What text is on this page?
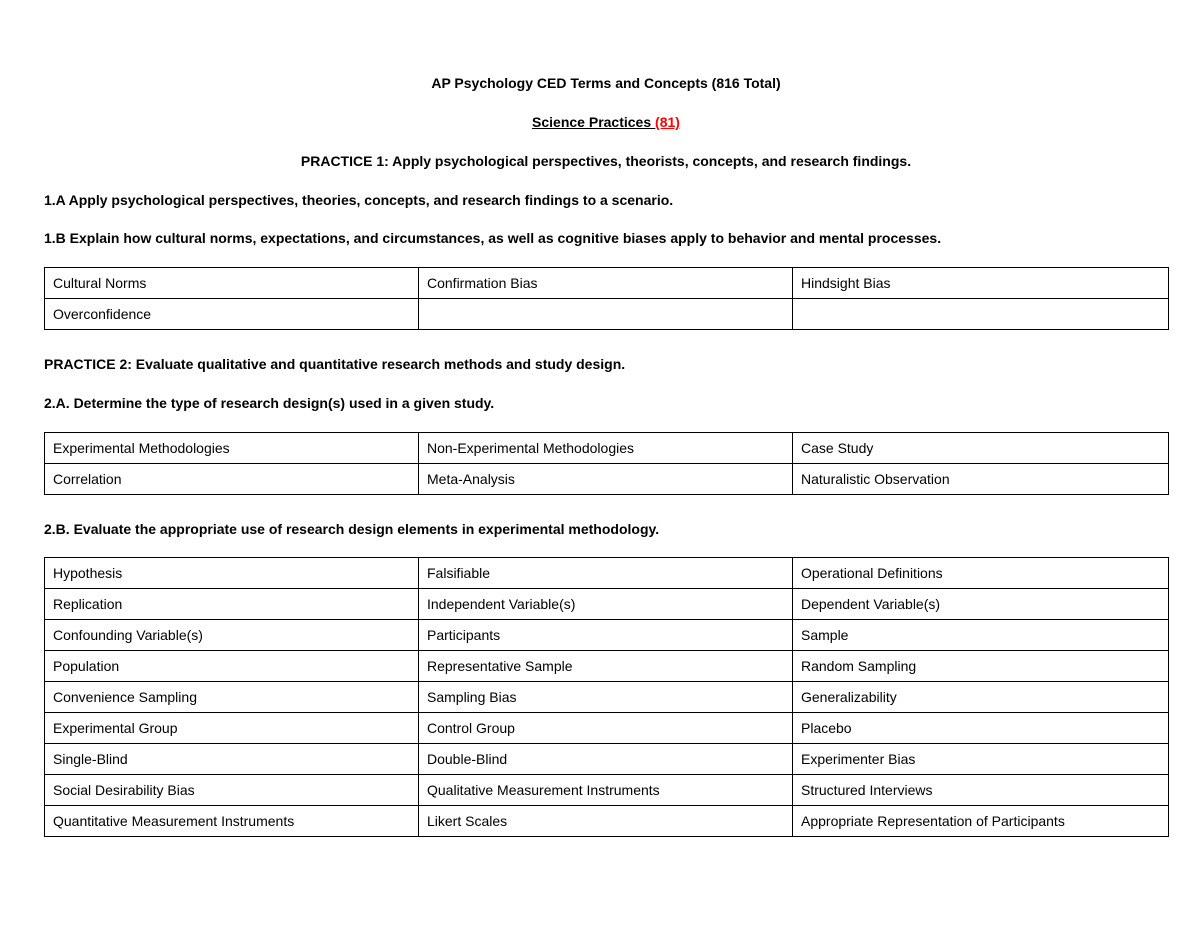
AP Psychology CED Terms and Concepts (816 Total)
Science Practices (81)
PRACTICE 1: Apply psychological perspectives, theorists, concepts, and research findings.
1.A Apply psychological perspectives, theories, concepts, and research findings to a scenario.
1.B Explain how cultural norms, expectations, and circumstances, as well as cognitive biases apply to behavior and mental processes.
Cultural Norms	Confirmation Bias	Hindsight Bias
Overconfidence		
PRACTICE 2: Evaluate qualitative and quantitative research methods and study design.
2.A. Determine the type of research design(s) used in a given study.
Experimental Methodologies	Non-Experimental Methodologies	Case Study
Correlation	Meta-Analysis	Naturalistic Observation
2.B. Evaluate the appropriate use of research design elements in experimental methodology.
Hypothesis	Falsifiable	Operational Definitions
Replication	Independent Variable(s)	Dependent Variable(s)
Confounding Variable(s)	Participants	Sample
Population	Representative Sample	Random Sampling
Convenience Sampling	Sampling Bias	Generalizability
Experimental Group	Control Group	Placebo
Single-Blind	Double-Blind	Experimenter Bias
Social Desirability Bias	Qualitative Measurement Instruments	Structured Interviews
Quantitative Measurement Instruments	Likert Scales	Appropriate Representation of Participants
